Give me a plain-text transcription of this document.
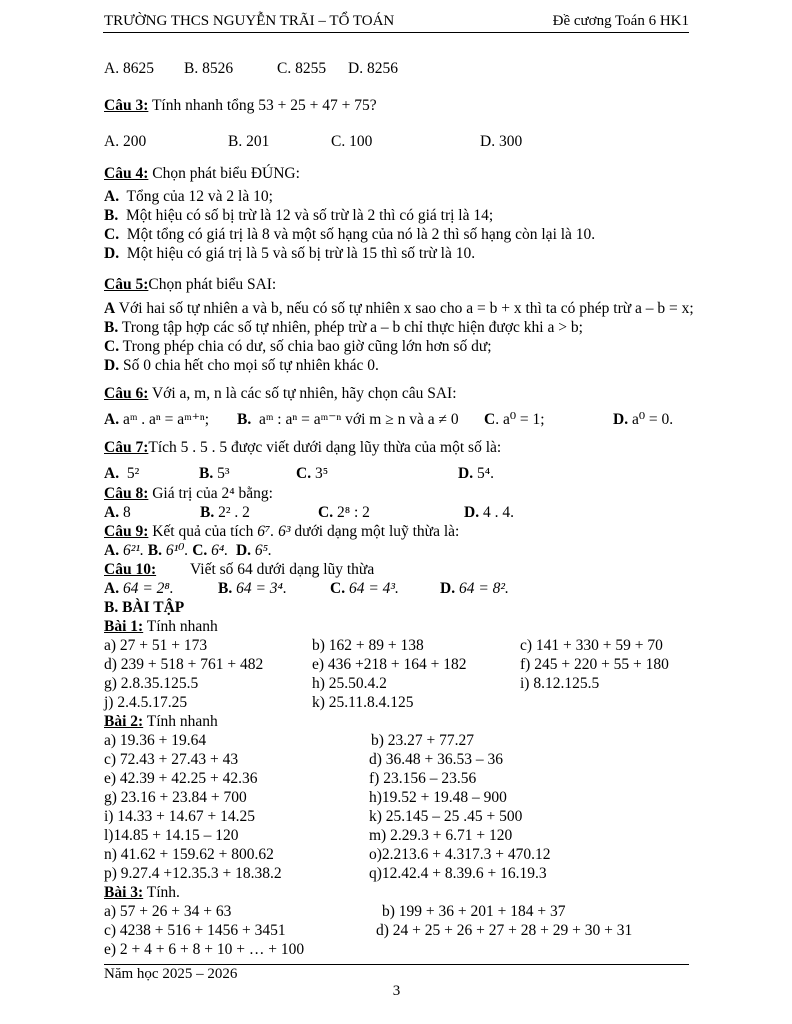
TRƯỜNG THCS NGUYỄN TRÃI – TỔ TOÁN	Đề cương Toán 6 HK1
A. 8625 B. 8526	C. 8255 D. 8256
Câu 3: Tính nhanh tổng 53 + 25 + 47 + 75?
A. 200	B. 201	C. 100	D. 300
Câu 4: Chọn phát biểu ĐÚNG:
A.  Tổng của 12 và 2 là 10;
B.  Một hiệu có số bị trừ là 12 và số trừ là 2 thì có giá trị là 14;
C.  Một tổng có giá trị là 8 và một số hạng của nó là 2 thì số hạng còn lại là 10.
D.  Một hiệu có giá trị là 5 và số bị trừ là 15 thì số trừ là 10.
Câu 5:Chọn phát biểu SAI:
A Với hai số tự nhiên a và b, nếu có số tự nhiên x sao cho a = b + x thì ta có phép trừ a – b = x;
B. Trong tập hợp các số tự nhiên, phép trừ a – b chỉ thực hiện được khi a > b;
C. Trong phép chia có dư, số chia bao giờ cũng lớn hơn số dư;
D. Số 0 chia hết cho mọi số tự nhiên khác 0.
Câu 6: Với a, m, n là các số tự nhiên, hãy chọn câu SAI:
A. aᵐ . aⁿ = aᵐ⁺ⁿ; B.  aᵐ : aⁿ = aᵐ⁻ⁿ với m ≥ n và a ≠ 0 C. a⁰ = 1;	D. a⁰ = 0.
Câu 7:Tích 5 . 5 . 5 được viết dưới dạng lũy thừa của một số là:
A.  5²	B. 5³	C. 3⁵	D. 5⁴.
Câu 8: Giá trị của 2⁴ bằng:
A. 8	B. 2² . 2	C. 2⁸ : 2	D. 4 . 4.
Câu 9: Kết quả của tích 6⁷. 6³ dưới dạng một luỹ thừa là:
A. 6²¹. B. 6¹⁰. C. 6⁴.  D. 6⁵.
Câu 10: Viết số 64 dưới dạng lũy thừa
A. 64 = 2⁸.	B. 64 = 3⁴.	C. 64 = 4³.	D. 64 = 8².
B. BÀI TẬP
Bài 1: Tính nhanh
a) 27 + 51 + 173	b) 162 + 89 + 138	c) 141 + 330 + 59 + 70
d) 239 + 518 + 761 + 482	e) 436 +218 + 164 + 182	f) 245 + 220 + 55 + 180
g) 2.8.35.125.5	h) 25.50.4.2	i) 8.12.125.5
j) 2.4.5.17.25	k) 25.11.8.4.125
Bài 2: Tính nhanh
a) 19.36 + 19.64	b) 23.27 + 77.27
c) 72.43 + 27.43 + 43	d) 36.48 + 36.53 – 36
e) 42.39 + 42.25 + 42.36	f) 23.156 – 23.56
g) 23.16 + 23.84 + 700	h)19.52 + 19.48 – 900
i) 14.33 + 14.67 + 14.25	k) 25.145 – 25 .45 + 500
l)14.85 + 14.15 – 120	m) 2.29.3 + 6.71 + 120
n) 41.62 + 159.62 + 800.62	o)2.213.6 + 4.317.3 + 470.12
p) 9.27.4 +12.35.3 + 18.38.2	q)12.42.4 + 8.39.6 + 16.19.3
Bài 3: Tính.
a) 57 + 26 + 34 + 63	b) 199 + 36 + 201 + 184 + 37
c) 4238 + 516 + 1456 + 3451	d) 24 + 25 + 26 + 27 + 28 + 29 + 30 + 31
e) 2 + 4 + 6 + 8 + 10 + … + 100
Năm học 2025 – 2026
3
